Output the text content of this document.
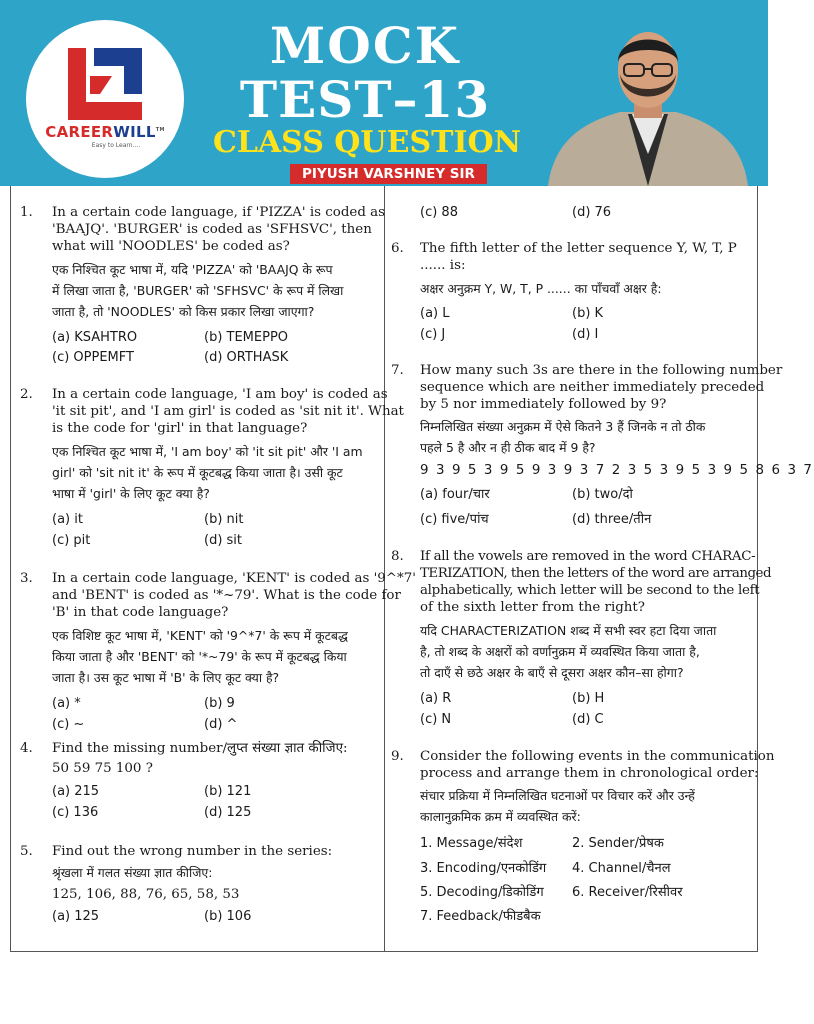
CAREERWILL™
Easy to Learn....
MOCK
TEST–13
CLASS QUESTION
PIYUSH VARSHNEY SIR
1. In a certain code language, if 'PIZZA' is coded as
'BAAJQ'. 'BURGER' is coded as 'SFHSVC', then
what will 'NOODLES' be coded as?
एक निश्चित कूट भाषा में, यदि 'PIZZA' को 'BAAJQ के रूप
में लिखा जाता है, 'BURGER' को 'SFHSVC' के रूप में लिखा
जाता है, तो 'NOODLES' को किस प्रकार लिखा जाएगा?
(a) KSAHTRO	(b) TEMEPPO
(c) OPPEMFT	(d) ORTHASK
2. In a certain code language, 'I am boy' is coded as
'it sit pit', and 'I am girl' is coded as 'sit nit it'. What
is the code for 'girl' in that language?
एक निश्चित कूट भाषा में, 'I am boy' को 'it sit pit' और 'I am
girl' को 'sit nit it' के रूप में कूटबद्ध किया जाता है। उसी कूट
भाषा में 'girl' के लिए कूट क्या है?
(a) it	(b) nit
(c) pit	(d) sit
3. In a certain code language, 'KENT' is coded as '9^*7'
and 'BENT' is coded as '*~79'. What is the code for
'B' in that code language?
एक विशिष्ट कूट भाषा में, 'KENT' को '9^*7' के रूप में कूटबद्ध
किया जाता है और 'BENT' को '*~79' के रूप में कूटबद्ध किया
जाता है। उस कूट भाषा में 'B' के लिए कूट क्या है?
(a) *	(b) 9
(c) ~	(d) ^
4. Find the missing number/लुप्त संख्या ज्ञात कीजिए:
50 59 75 100 ?
(a) 215	(b) 121
(c) 136	(d) 125
5. Find out the wrong number in the series:
श्रृंखला में गलत संख्या ज्ञात कीजिए:
125, 106, 88, 76, 65, 58, 53
(a) 125	(b) 106
(c) 88	(d) 76
6. The fifth letter of the letter sequence Y, W, T, P
...... is:
अक्षर अनुक्रम Y, W, T, P ...... का पाँचवाँ अक्षर है:
(a) L	(b) K
(c) J	(d) I
7. How many such 3s are there in the following number
sequence which are neither immediately preceded
by 5 nor immediately followed by 9?
निम्नलिखित संख्या अनुक्रम में ऐसे कितने 3 हैं जिनके न तो ठीक
पहले 5 है और न ही ठीक बाद में 9 है?
9 3 9 5 3 9 5 9 3 9 3 7 2 3 5 3 9 5 3 9 5 8 6 3 7
(a) four/चार	(b) two/दो
(c) five/पांच	(d) three/तीन
8. If all the vowels are removed in the word CHARAC-
TERIZATION, then the letters of the word are arranged
alphabetically, which letter will be second to the left
of the sixth letter from the right?
यदि CHARACTERIZATION शब्द में सभी स्वर हटा दिया जाता
है, तो शब्द के अक्षरों को वर्णानुक्रम में व्यवस्थित किया जाता है,
तो दाएँ से छठे अक्षर के बाएँ से दूसरा अक्षर कौन–सा होगा?
(a) R	(b) H
(c) N	(d) C
9. Consider the following events in the communication
process and arrange them in chronological order:
संचार प्रक्रिया में निम्नलिखित घटनाओं पर विचार करें और उन्हें
कालानुक्रमिक क्रम में व्यवस्थित करें:
1. Message/संदेश	2. Sender/प्रेषक
3. Encoding/एनकोडिंग 4. Channel/चैनल
5. Decoding/डिकोडिंग 6. Receiver/रिसीवर
7. Feedback/फीडबैक
